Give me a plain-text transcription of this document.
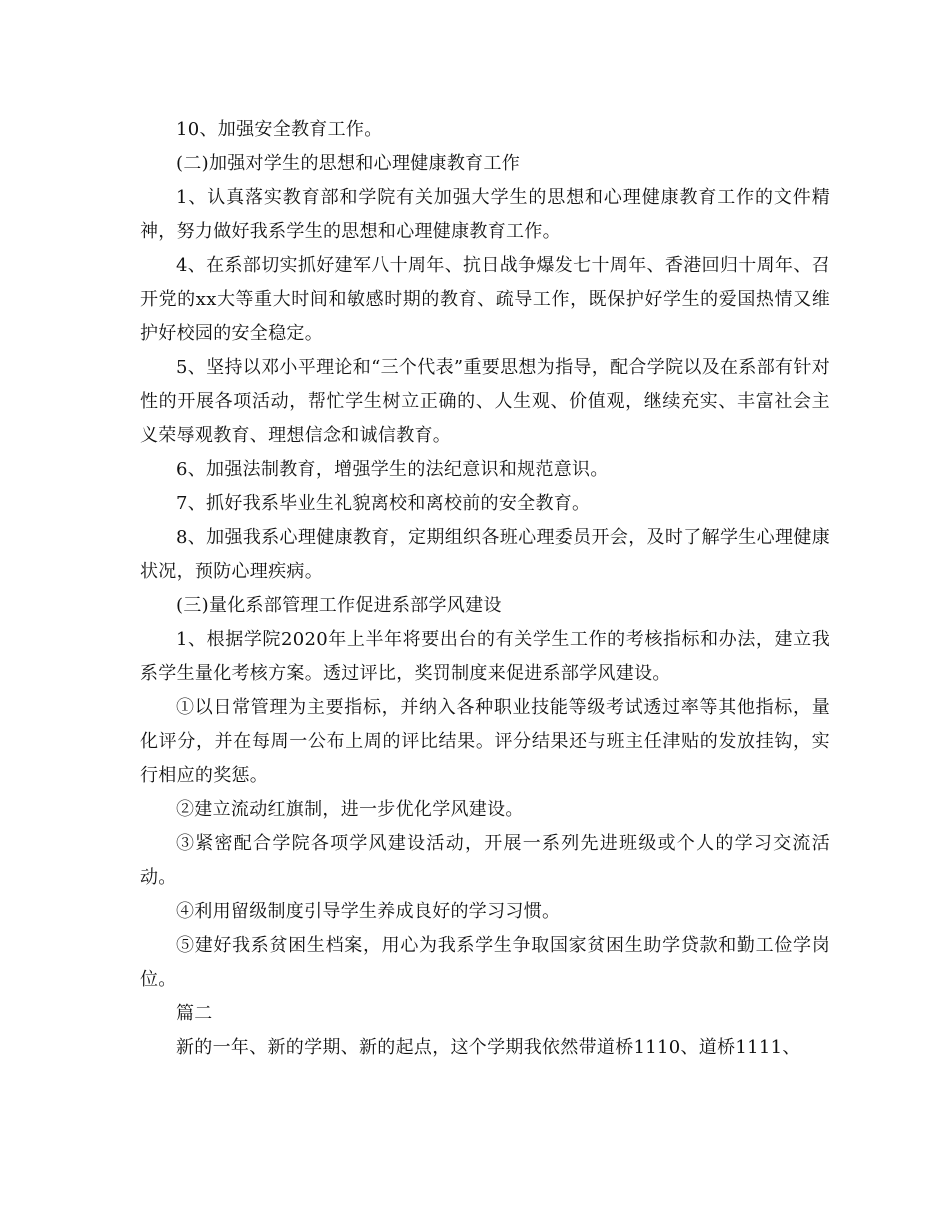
10、加强安全教育工作。

(二)加强对学生的思想和心理健康教育工作

1、认真落实教育部和学院有关加强大学生的思想和心理健康教育工作的文件精神，努力做好我系学生的思想和心理健康教育工作。

4、在系部切实抓好建军八十周年、抗日战争爆发七十周年、香港回归十周年、召开党的xx大等重大时间和敏感时期的教育、疏导工作，既保护好学生的爱国热情又维护好校园的安全稳定。

5、坚持以邓小平理论和“三个代表”重要思想为指导，配合学院以及在系部有针对性的开展各项活动，帮忙学生树立正确的、人生观、价值观，继续充实、丰富社会主义荣辱观教育、理想信念和诚信教育。

6、加强法制教育，增强学生的法纪意识和规范意识。

7、抓好我系毕业生礼貌离校和离校前的安全教育。

8、加强我系心理健康教育，定期组织各班心理委员开会，及时了解学生心理健康状况，预防心理疾病。

(三)量化系部管理工作促进系部学风建设

1、根据学院2020年上半年将要出台的有关学生工作的考核指标和办法，建立我系学生量化考核方案。透过评比，奖罚制度来促进系部学风建设。

①以日常管理为主要指标，并纳入各种职业技能等级考试透过率等其他指标，量化评分，并在每周一公布上周的评比结果。评分结果还与班主任津贴的发放挂钩，实行相应的奖惩。

②建立流动红旗制，进一步优化学风建设。

③紧密配合学院各项学风建设活动，开展一系列先进班级或个人的学习交流活动。

④利用留级制度引导学生养成良好的学习习惯。

⑤建好我系贫困生档案，用心为我系学生争取国家贫困生助学贷款和勤工俭学岗位。

篇二

新的一年、新的学期、新的起点，这个学期我依然带道桥1110、道桥1111、
